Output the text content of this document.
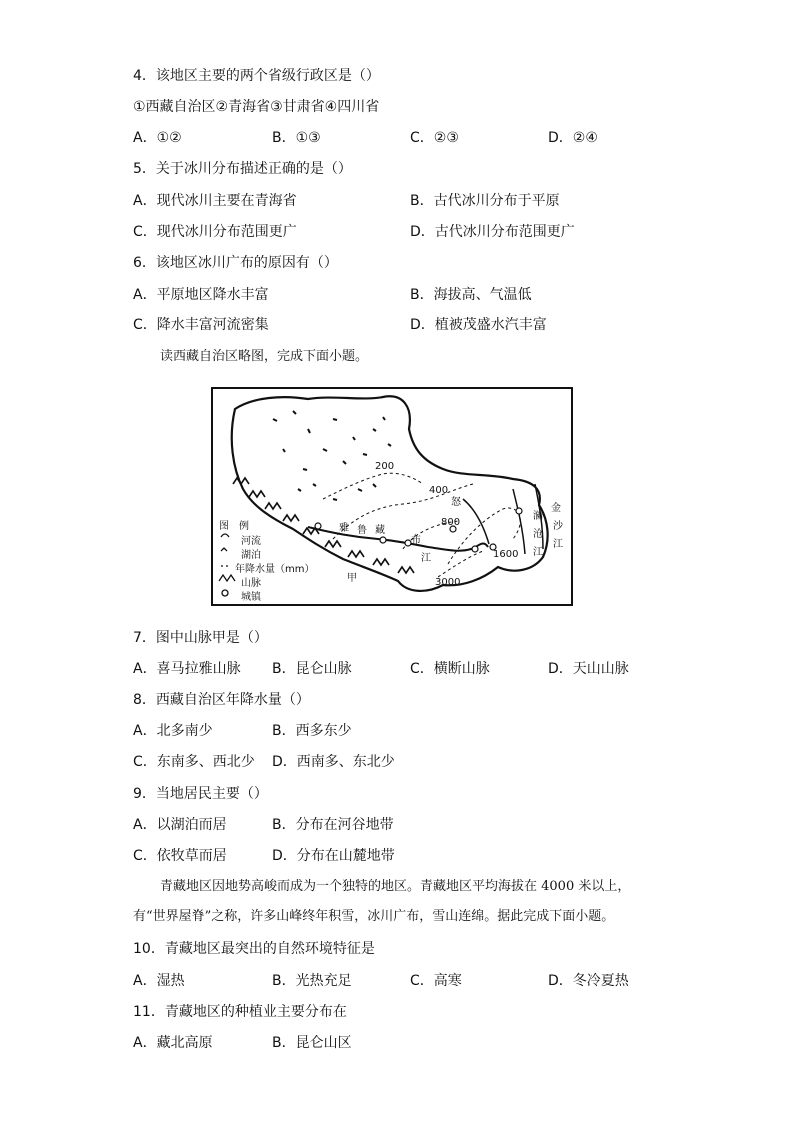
4．该地区主要的两个省级行政区是（）
①西藏自治区②青海省③甘肃省④四川省
A．①②	B．①③	C．②③	D．②④
5．关于冰川分布描述正确的是（）
A．现代冰川主要在青海省	B．古代冰川分布于平原
C．现代冰川分布范围更广	D．古代冰川分布范围更广
6．该地区冰川广布的原因有（）
A．平原地区降水丰富	B．海拔高、气温低
C．降水丰富河流密集	D．植被茂盛水汽丰富
读西藏自治区略图，完成下面小题。
图　例
河流
湖泊
年降水量（mm）
山脉
城镇
200
400
800
1600
3000
雅 鲁 藏
布
江
怒
澜
沧
江
金
沙
江
甲
7．图中山脉甲是（）
A．喜马拉雅山脉 B．昆仑山脉	C．横断山脉	D．天山山脉
8．西藏自治区年降水量（）
A．北多南少	B．西多东少
C．东南多、西北少 D．西南多、东北少
9．当地居民主要（）
A．以湖泊而居	B．分布在河谷地带
C．依牧草而居	D．分布在山麓地带
青藏地区因地势高峻而成为一个独特的地区。青藏地区平均海拔在 4000 米以上，
有“世界屋脊”之称，许多山峰终年积雪，冰川广布，雪山连绵。据此完成下面小题。
10．青藏地区最突出的自然环境特征是
A．湿热	B．光热充足	C．高寒	D．冬冷夏热
11．青藏地区的种植业主要分布在
A．藏北高原	B．昆仑山区
